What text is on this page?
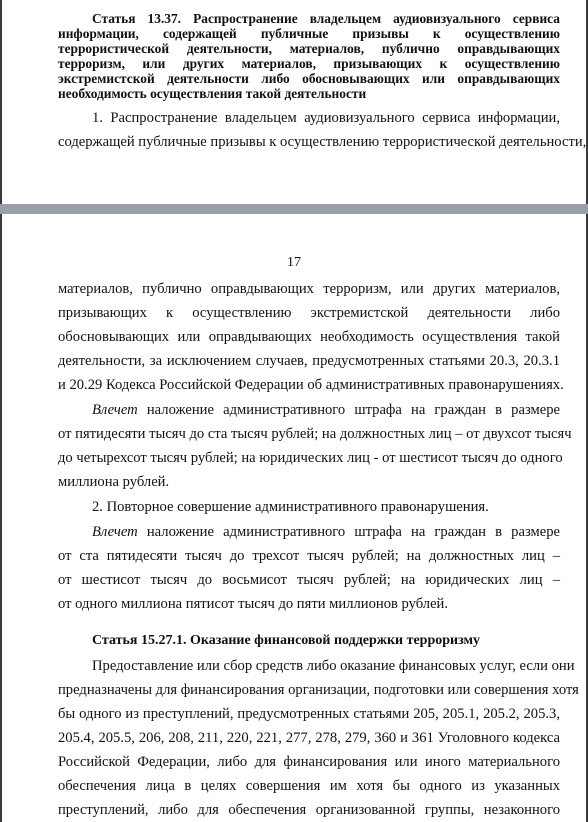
Статья 13.37. Распространение владельцем аудиовизуального сервиса
информации, содержащей публичные призывы к осуществлению
террористической деятельности, материалов, публично оправдывающих
терроризм, или других материалов, призывающих к осуществлению
экстремистской деятельности либо обосновывающих или оправдывающих
необходимость осуществления такой деятельности
1. Распространение владельцем аудиовизуального сервиса информации,
содержащей публичные призывы к осуществлению террористической деятельности,
17
материалов, публично оправдывающих терроризм, или других материалов,
призывающих к осуществлению экстремистской деятельности либо
обосновывающих или оправдывающих необходимость осуществления такой
деятельности, за исключением случаев, предусмотренных статьями 20.3, 20.3.1
и 20.29 Кодекса Российской Федерации об административных правонарушениях.
Влечет наложение административного штрафа на граждан в размере
от пятидесяти тысяч до ста тысяч рублей; на должностных лиц – от двухсот тысяч
до четырехсот тысяч рублей; на юридических лиц - от шестисот тысяч до одного
миллиона рублей.
2. Повторное совершение административного правонарушения.
Влечет наложение административного штрафа на граждан в размере
от ста пятидесяти тысяч до трехсот тысяч рублей; на должностных лиц –
от шестисот тысяч до восьмисот тысяч рублей; на юридических лиц –
от одного миллиона пятисот тысяч до пяти миллионов рублей.
Статья 15.27.1. Оказание финансовой поддержки терроризму
Предоставление или сбор средств либо оказание финансовых услуг, если они
предназначены для финансирования организации, подготовки или совершения хотя
бы одного из преступлений, предусмотренных статьями 205, 205.1, 205.2, 205.3,
205.4, 205.5, 206, 208, 211, 220, 221, 277, 278, 279, 360 и 361 Уголовного кодекса
Российской Федерации, либо для финансирования или иного материального
обеспечения лица в целях совершения им хотя бы одного из указанных
преступлений, либо для обеспечения организованной группы, незаконного
